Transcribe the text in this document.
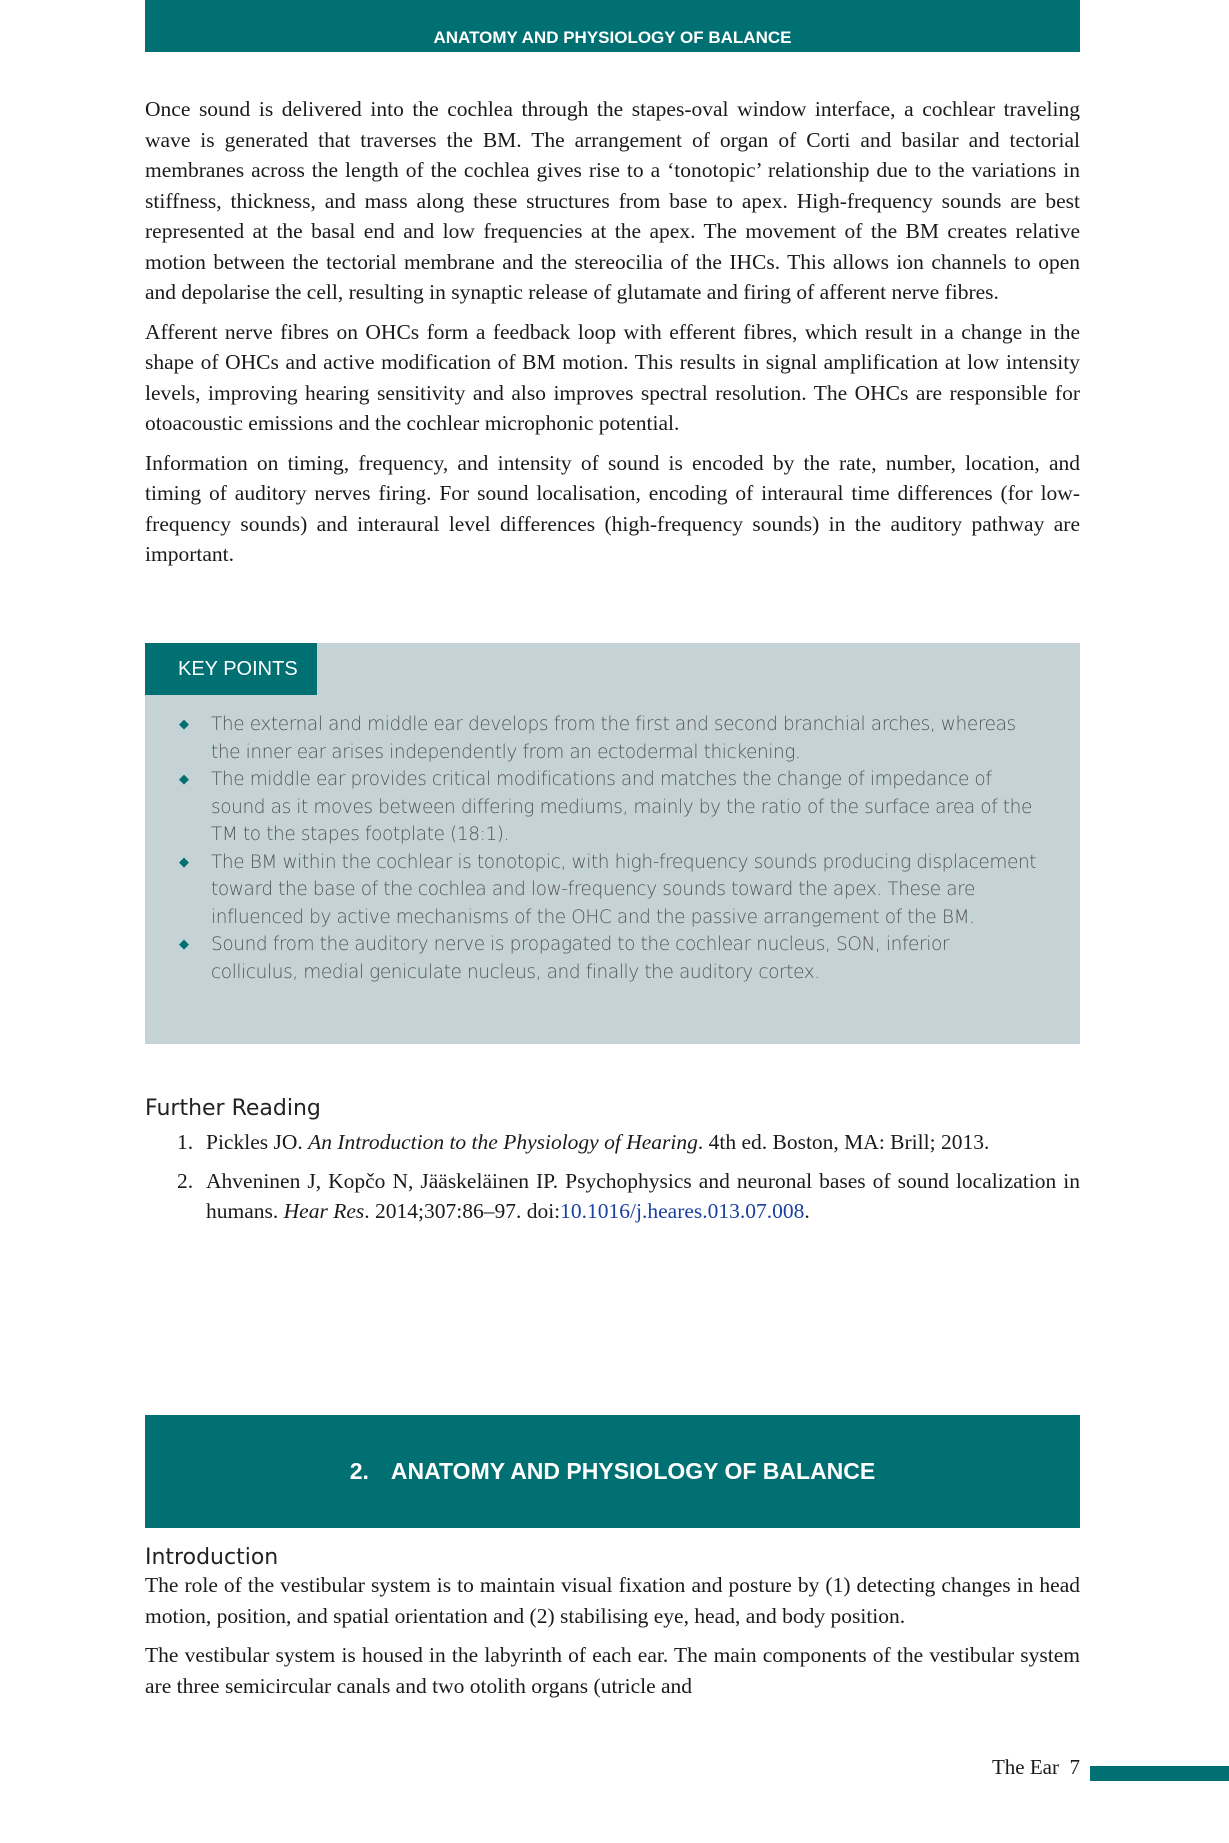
ANATOMY AND PHYSIOLOGY OF BALANCE

Once sound is delivered into the cochlea through the stapes-oval window interface, a cochlear traveling wave is generated that traverses the BM. The arrangement of organ of Corti and basilar and tectorial membranes across the length of the cochlea gives rise to a ‘tonotopic’ relationship due to the variations in stiffness, thickness, and mass along these structures from base to apex. High-frequency sounds are best represented at the basal end and low frequencies at the apex. The movement of the BM creates relative motion between the tectorial membrane and the stereocilia of the IHCs. This allows ion channels to open and depolarise the cell, resulting in synaptic release of glutamate and firing of afferent nerve fibres.

Afferent nerve fibres on OHCs form a feedback loop with efferent fibres, which result in a change in the shape of OHCs and active modification of BM motion. This results in signal amplification at low intensity levels, improving hearing sensitivity and also improves spectral resolution. The OHCs are responsible for otoacoustic emissions and the cochlear microphonic potential.

Information on timing, frequency, and intensity of sound is encoded by the rate, number, location, and timing of auditory nerves firing. For sound localisation, encoding of interaural time differences (for low-frequency sounds) and interaural level differences (high-frequency sounds) in the auditory pathway are important.

KEY POINTS
◆ The external and middle ear develops from the first and second branchial arches, whereas the inner ear arises independently from an ectodermal thickening.
◆ The middle ear provides critical modifications and matches the change of impedance of sound as it moves between differing mediums, mainly by the ratio of the surface area of the TM to the stapes footplate (18:1).
◆ The BM within the cochlear is tonotopic, with high-frequency sounds producing displacement toward the base of the cochlea and low-frequency sounds toward the apex. These are influenced by active mechanisms of the OHC and the passive arrangement of the BM.
◆ Sound from the auditory nerve is propagated to the cochlear nucleus, SON, inferior colliculus, medial geniculate nucleus, and finally the auditory cortex.
Further Reading
1. Pickles JO. An Introduction to the Physiology of Hearing. 4th ed. Boston, MA: Brill; 2013.
2. Ahveninen J, Kopčo N, Jääskeläinen IP. Psychophysics and neuronal bases of sound localization in humans. Hear Res. 2014;307:86–97. doi:10.1016/j.heares.013.07.008.
2. ANATOMY AND PHYSIOLOGY OF BALANCE
Introduction

The role of the vestibular system is to maintain visual fixation and posture by (1) detecting changes in head motion, position, and spatial orientation and (2) stabilising eye, head, and body position.

The vestibular system is housed in the labyrinth of each ear. The main components of the vestibular system are three semicircular canals and two otolith organs (utricle and

The Ear 7
